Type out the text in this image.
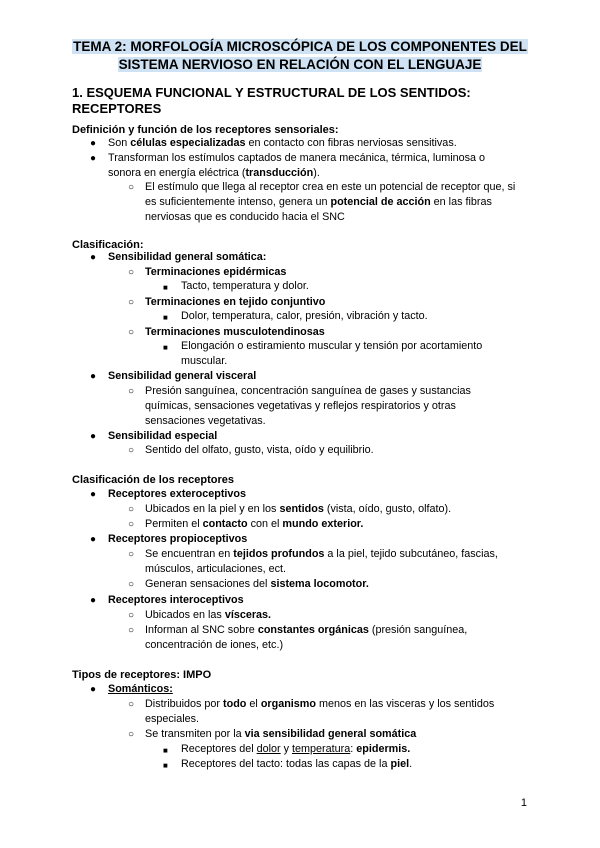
TEMA 2: MORFOLOGÍA MICROSCÓPICA DE LOS COMPONENTES DEL
SISTEMA NERVIOSO EN RELACIÓN CON EL LENGUAJE
1. ESQUEMA FUNCIONAL Y ESTRUCTURAL DE LOS SENTIDOS:
RECEPTORES
Definición y función de los receptores sensoriales:
● Son células especializadas en contacto con fibras nerviosas sensitivas.
● Transforman los estímulos captados de manera mecánica, térmica, luminosa o
sonora en energía eléctrica (transducción).
○ El estímulo que llega al receptor crea en este un potencial de receptor que, si
es suficientemente intenso, genera un potencial de acción en las fibras
nerviosas que es conducido hacia el SNC
Clasificación:
● Sensibilidad general somática:
○ Terminaciones epidérmicas
■ Tacto, temperatura y dolor.
○ Terminaciones en tejido conjuntivo
■ Dolor, temperatura, calor, presión, vibración y tacto.
○ Terminaciones musculotendinosas
■ Elongación o estiramiento muscular y tensión por acortamiento
muscular.
● Sensibilidad general visceral
○ Presión sanguínea, concentración sanguínea de gases y sustancias
químicas, sensaciones vegetativas y reflejos respiratorios y otras
sensaciones vegetativas.
● Sensibilidad especial
○ Sentido del olfato, gusto, vista, oído y equilibrio.
Clasificación de los receptores
● Receptores exteroceptivos
○ Ubicados en la piel y en los sentidos (vista, oído, gusto, olfato).
○ Permiten el contacto con el mundo exterior.
● Receptores propioceptivos
○ Se encuentran en tejidos profundos a la piel, tejido subcutáneo, fascias,
músculos, articulaciones, ect.
○ Generan sensaciones del sistema locomotor.
● Receptores interoceptivos
○ Ubicados en las vísceras.
○ Informan al SNC sobre constantes orgánicas (presión sanguínea,
concentración de iones, etc.)
Tipos de receptores: IMPO
● Sománticos:
○ Distribuidos por todo el organismo menos en las visceras y los sentidos
especiales.
○ Se transmiten por la via sensibilidad general somática
■ Receptores del dolor y temperatura: epidermis.
■ Receptores del tacto: todas las capas de la piel.
1
